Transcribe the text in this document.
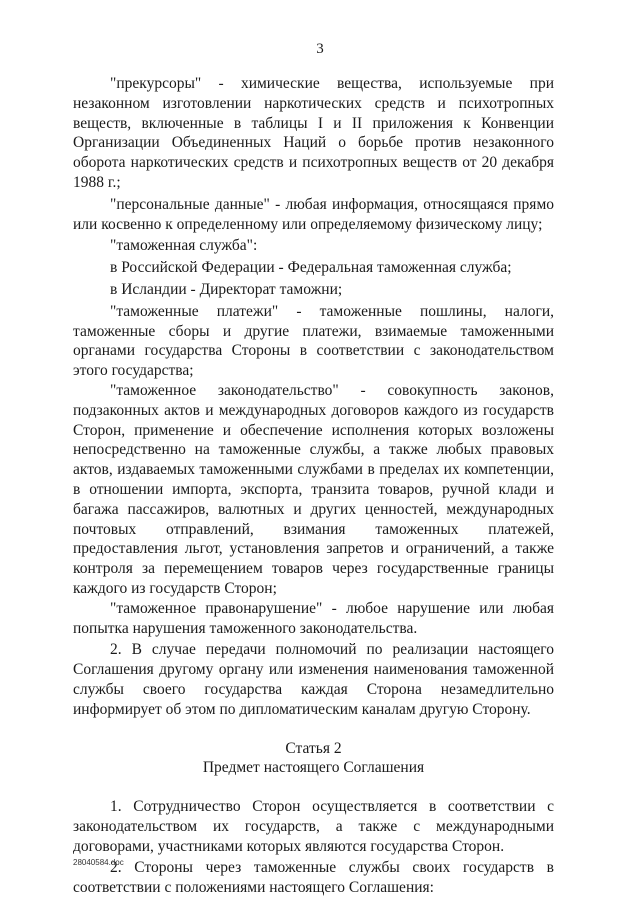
3

"прекурсоры" - химические вещества, используемые при незаконном изготовлении наркотических средств и психотропных веществ, включенные в таблицы I и II приложения к Конвенции Организации Объединенных Наций о борьбе против незаконного оборота наркотических средств и психотропных веществ от 20 декабря 1988 г.;

"персональные данные" - любая информация, относящаяся прямо или косвенно к определенному или определяемому физическому лицу;

"таможенная служба":

в Российской Федерации - Федеральная таможенная служба;

в Исландии - Директорат таможни;

"таможенные платежи" - таможенные пошлины, налоги, таможенные сборы и другие платежи, взимаемые таможенными органами государства Стороны в соответствии с законодательством этого государства;

"таможенное законодательство" - совокупность законов, подзаконных актов и международных договоров каждого из государств Сторон, применение и обеспечение исполнения которых возложены непосредственно на таможенные службы, а также любых правовых актов, издаваемых таможенными службами в пределах их компетенции, в отношении импорта, экспорта, транзита товаров, ручной клади и багажа пассажиров, валютных и других ценностей, международных почтовых отправлений, взимания таможенных платежей, предоставления льгот, установления запретов и ограничений, а также контроля за перемещением товаров через государственные границы каждого из государств Сторон;

"таможенное правонарушение" - любое нарушение или любая попытка нарушения таможенного законодательства.

2. В случае передачи полномочий по реализации настоящего Соглашения другому органу или изменения наименования таможенной службы своего государства каждая Сторона незамедлительно информирует об этом по дипломатическим каналам другую Сторону.

Статья 2

Предмет настоящего Соглашения

1. Сотрудничество Сторон осуществляется в соответствии с законодательством их государств, а также с международными договорами, участниками которых являются государства Сторон.

2. Стороны через таможенные службы своих государств в соответствии с положениями настоящего Соглашения:

28040584.doc
